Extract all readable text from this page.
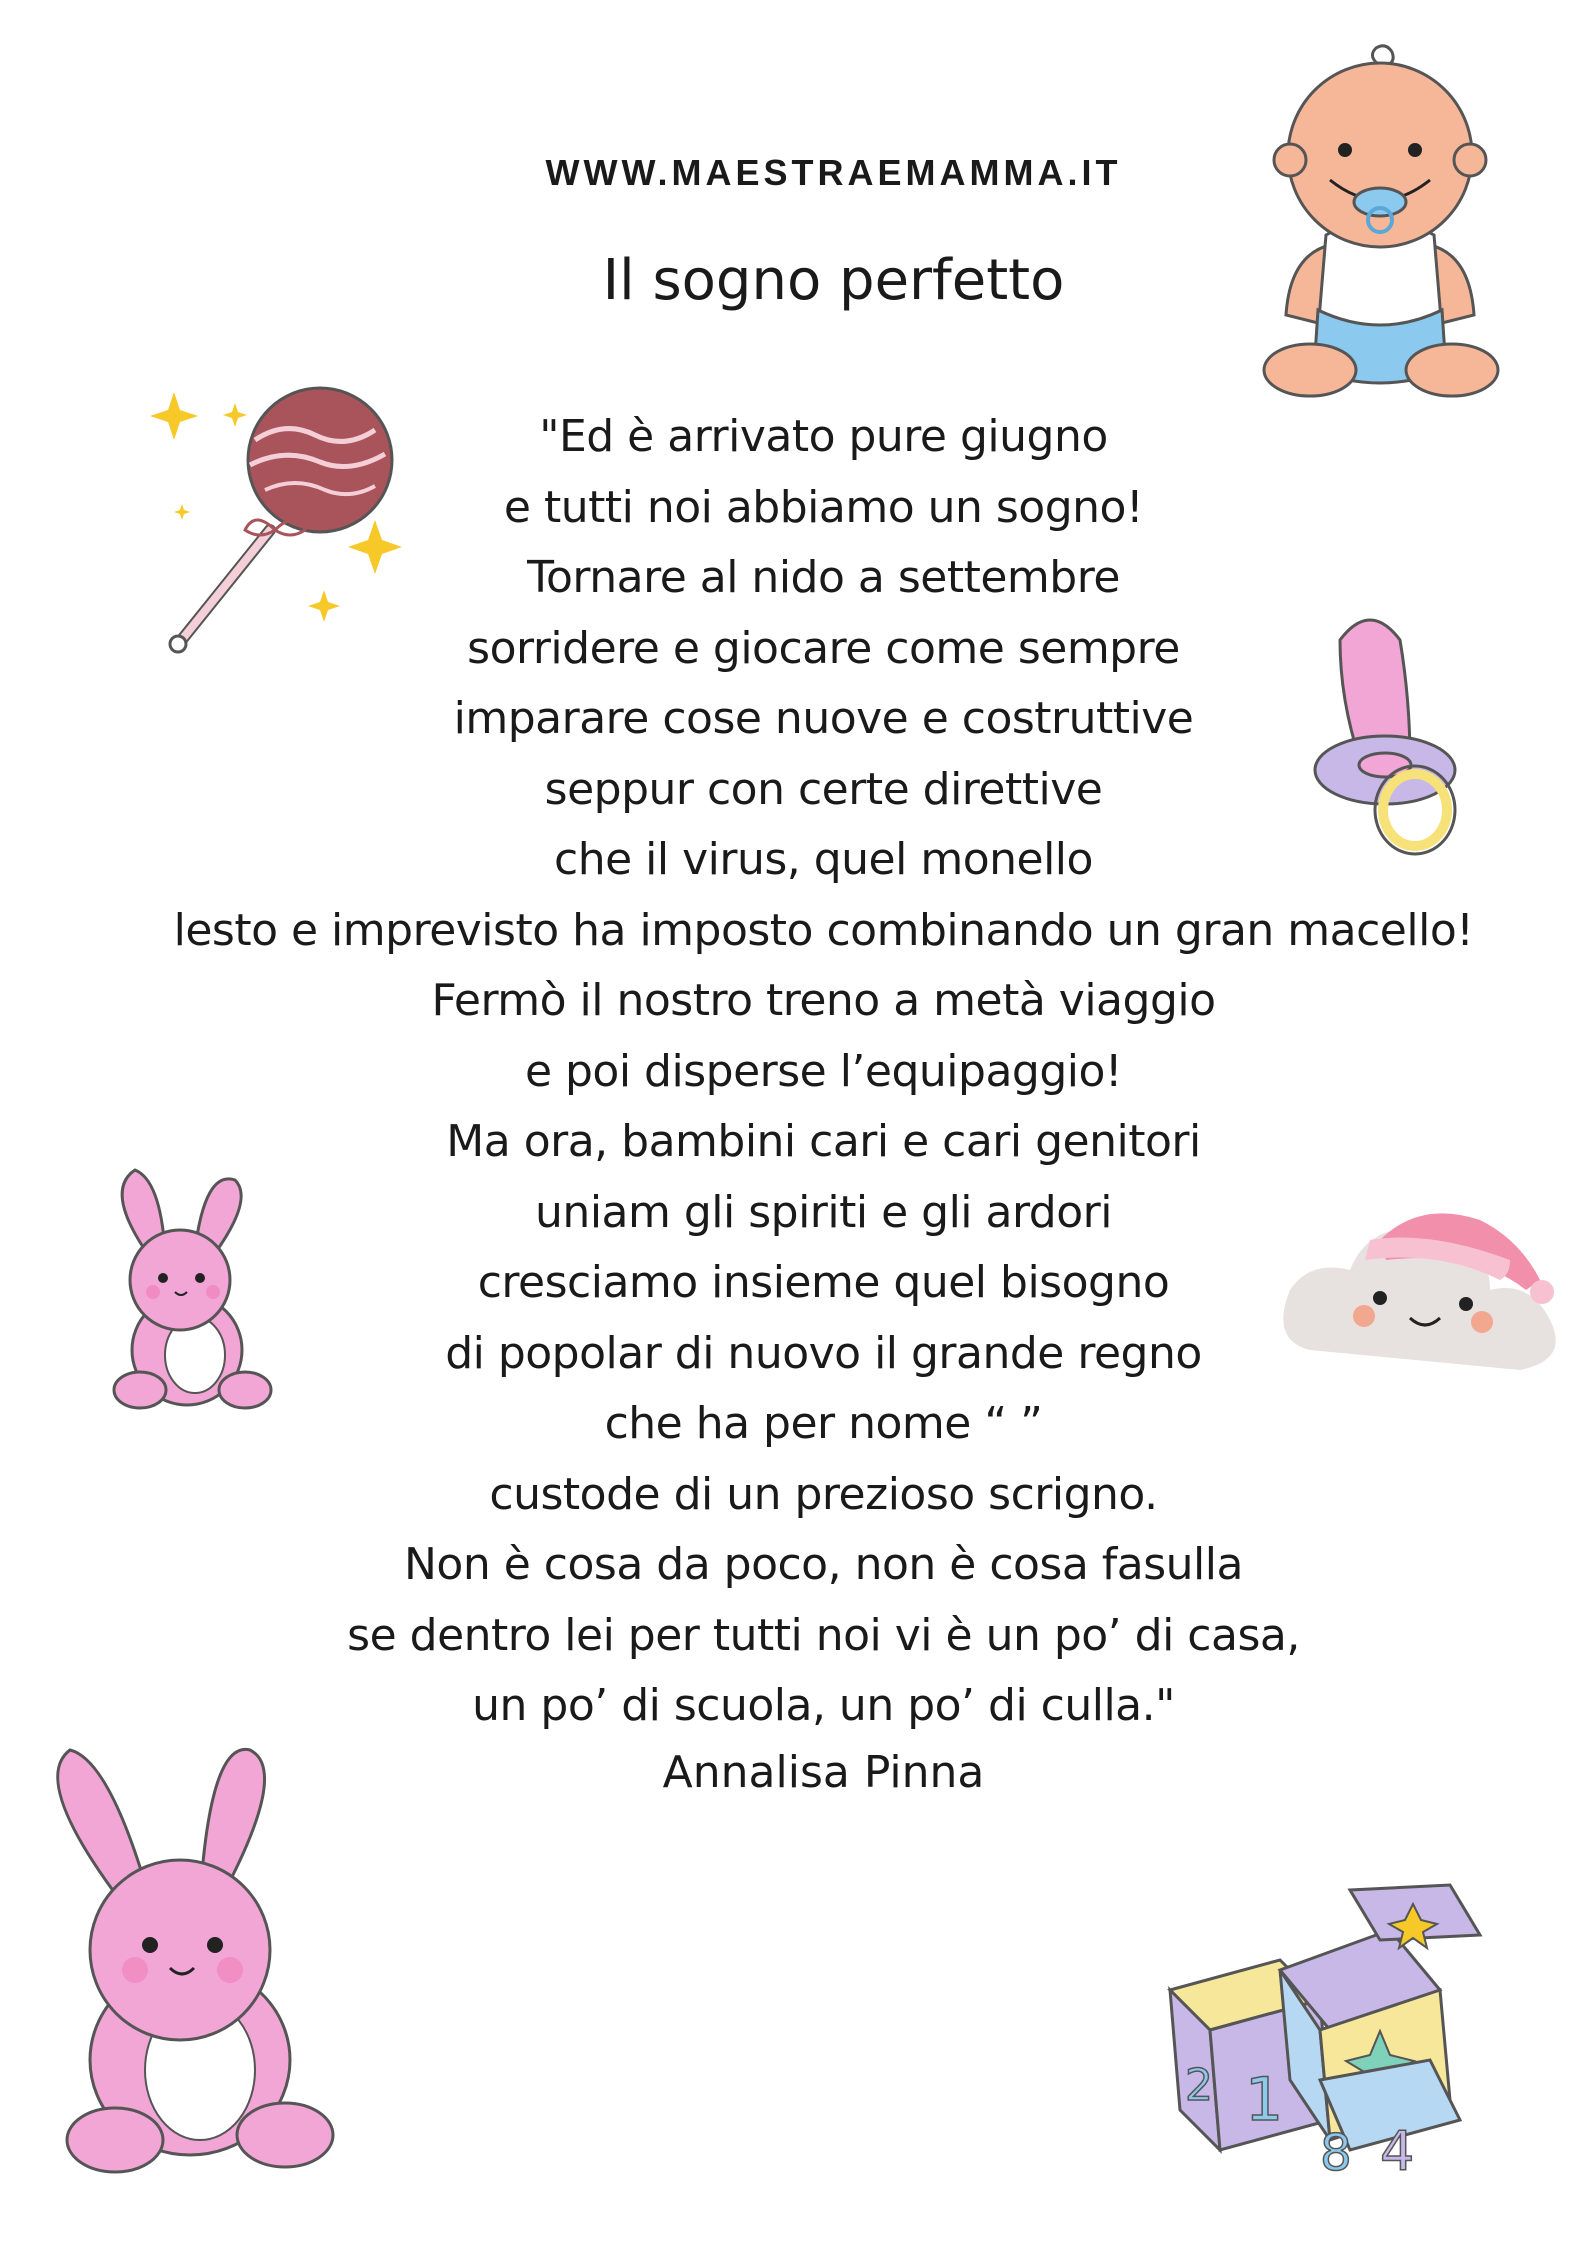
WWW.MAESTRAEMAMMA.IT

Il sogno perfetto
"Ed è arrivato pure giugno
e tutti noi abbiamo un sogno!
Tornare al nido a settembre
sorridere e giocare come sempre
imparare cose nuove e costruttive
seppur con certe direttive
che il virus, quel monello
lesto e imprevisto ha imposto combinando un gran macello!
Fermò il nostro treno a metà viaggio
e poi disperse l’equipaggio!
Ma ora, bambini cari e cari genitori
uniam gli spiriti e gli ardori
cresciamo insieme quel bisogno
di popolar di nuovo il grande regno
che ha per nome “ ”
custode di un prezioso scrigno.
Non è cosa da poco, non è cosa fasulla
se dentro lei per tutti noi vi è un po’ di casa,
un po’ di scuola, un po’ di culla."

Annalisa Pinna

1
2
4
8
